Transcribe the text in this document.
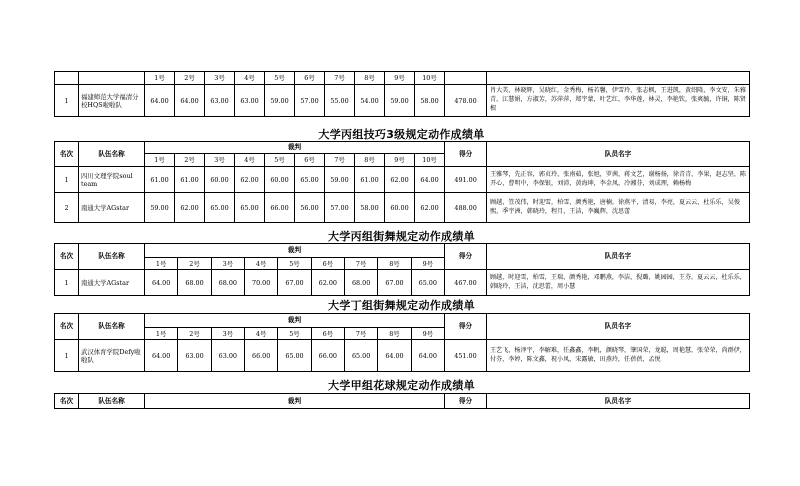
		1号	2号	3号	4号	5号	6号	7号	8号	9号	10号		
1	福建师范大学福清分校HQS啦啦队	64.00	64.00	63.00	63.00	59.00	57.00	55.00	54.00	59.00	58.00	478.00	肖大美，林晓辉，吴晓红，金秀梅，杨若馨，伊雪玲，张志枫，王进凯，黄绍隆，李文安，朱雅青，江慧娟，方淑芳，苏萍萍，郑宇蒙，叶艺红，李华莲，林灵，李艳钦，张爽毓，许铜，陈贤根
大学丙组技巧3级规定动作成绩单
名次	队伍名称	裁判										得分	队员名字
		1号	2号	3号	4号	5号	6号	7号	8号	9号	10号		
1	四川文理学院soul team	61.00	61.00	60.00	62.00	60.00	65.00	59.00	61.00	62.00	64.00	491.00	王雅琴，先正容，郭贞玲，张南茹，张旭，罗茜，蒋文艺，谢杨扬，徐青青，李果，赵志坚，陈开心，曹明中，李保银，刘沛，黄海坤，李金凤，冷湘芬，刘成理，赖杨梅
2	南通大学AGstar	59.00	62.00	65.00	65.00	66.00	56.00	57.00	58.00	60.00	62.00	488.00	顾越，笪茂伟，时迎雪，柏雪，颜秀艳，唐楠，徐燕平，清易，李亮，夏云云，杜乐乐，吴俊熙，季宇洲，韩晓玲，程月，王洁，李巍辉，沈思蕾
大学丙组街舞规定动作成绩单
名次	队伍名称	裁判									得分	队员名字
		1号	2号	3号	4号	5号	6号	7号	8号	9号		
1	南通大学AGstar	64.00	68.00	68.00	70.00	67.00	62.00	68.00	67.00	65.00	467.00	顾越，时迎雪，柏雪，王瑞，颜秀艳，邓鹏燕，李洁，倪璐，姚园园，王芬，夏云云，杜乐乐，韩晓玲，王洁，沈思蕾，周小慧
大学丁组街舞规定动作成绩单
名次	队伍名称	裁判									得分	队员名字
		1号	2号	3号	4号	5号	6号	7号	8号	9号		
1	武汉体育学院Defy啦啦队	64.00	63.00	63.00	66.00	65.00	66.00	65.00	64.00	64.00	451.00	王艺飞，杨泽宇，李解难，任鑫鑫，李帆，颜晓琴，肇国荣，龙聪，周艳慧，张荣荣，尚群伊，付芬，李婷，陈文鑫，祝小凤，宋露敏，田燕玲，任蓓蓓，孟悦
大学甲组花球规定动作成绩单
名次	队伍名称	裁判	得分	队员名字
